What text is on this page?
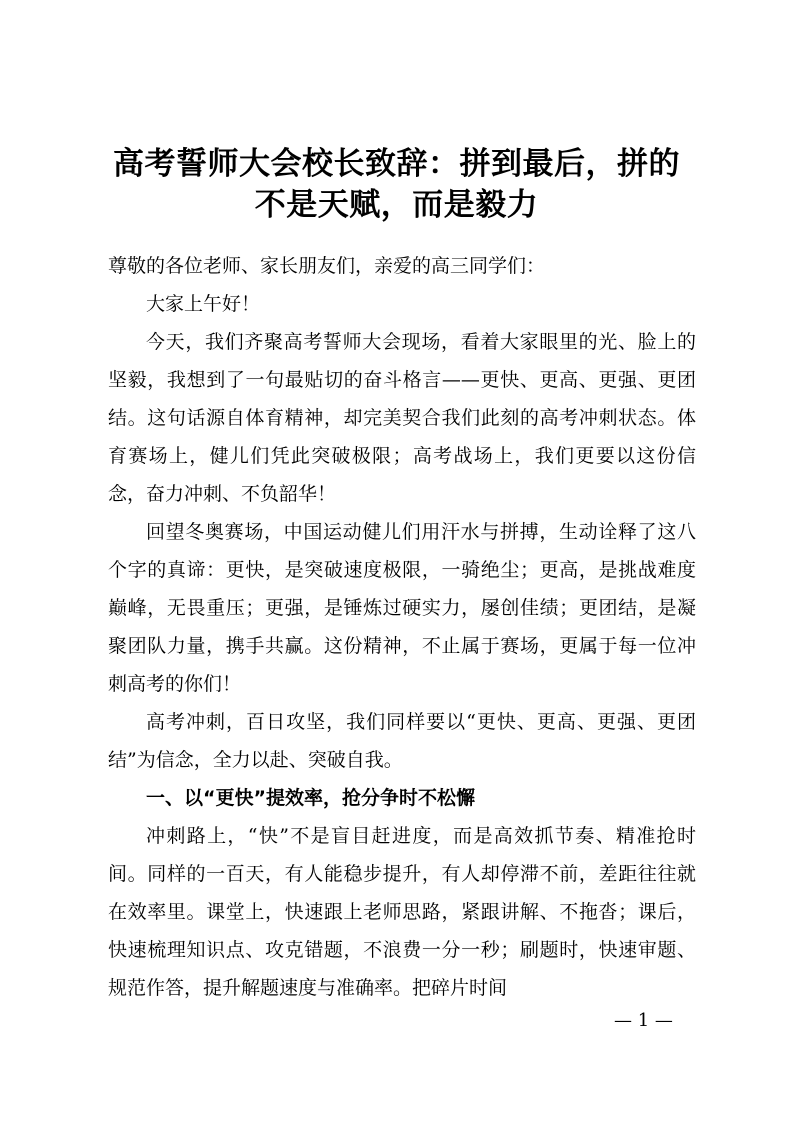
高考誓师大会校长致辞：拼到最后，拼的
不是天赋，而是毅力

尊敬的各位老师、家长朋友们，亲爱的高三同学们：

大家上午好！

今天，我们齐聚高考誓师大会现场，看着大家眼里的光、脸上的坚毅，我想到了一句最贴切的奋斗格言——更快、更高、更强、更团结。这句话源自体育精神，却完美契合我们此刻的高考冲刺状态。体育赛场上，健儿们凭此突破极限；高考战场上，我们更要以这份信念，奋力冲刺、不负韶华！

回望冬奥赛场，中国运动健儿们用汗水与拼搏，生动诠释了这八个字的真谛：更快，是突破速度极限，一骑绝尘；更高，是挑战难度巅峰，无畏重压；更强，是锤炼过硬实力，屡创佳绩；更团结，是凝聚团队力量，携手共赢。这份精神，不止属于赛场，更属于每一位冲刺高考的你们！

高考冲刺，百日攻坚，我们同样要以“更快、更高、更强、更团结”为信念，全力以赴、突破自我。

一、以“更快”提效率，抢分争时不松懈

冲刺路上，“快”不是盲目赶进度，而是高效抓节奏、精准抢时间。同样的一百天，有人能稳步提升，有人却停滞不前，差距往往就在效率里。课堂上，快速跟上老师思路，紧跟讲解、不拖沓；课后，快速梳理知识点、攻克错题，不浪费一分一秒；刷题时，快速审题、规范作答，提升解题速度与准确率。把碎片时间

— 1 —
